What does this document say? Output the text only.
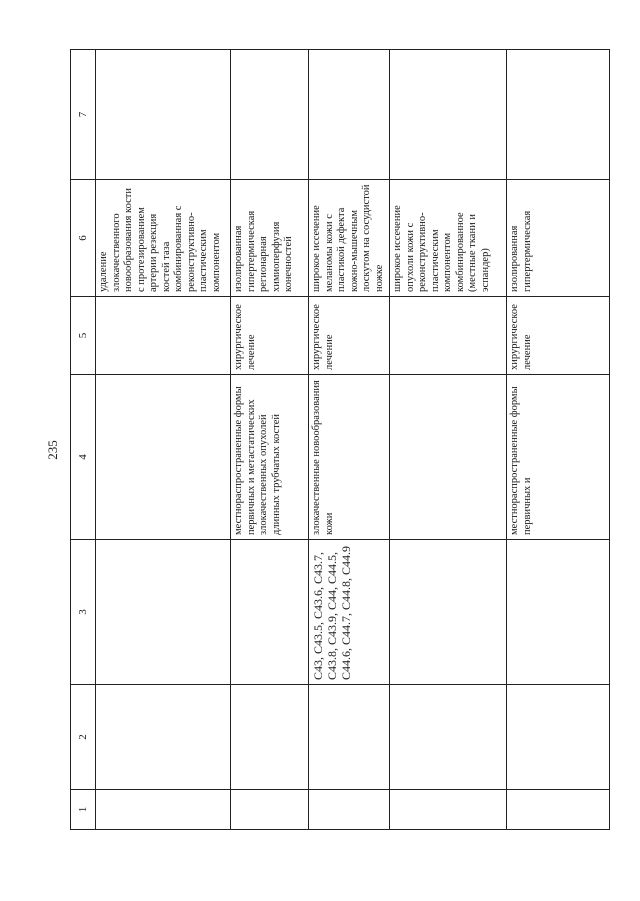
235
1	2	3	4	5	6	7
					удаление злокачественного новообразования кости с протезированием артерии резекция костей таза комбинированная с реконструктивно-пластическим компонентом	
			местнораспространенные формы первичных и метастатических злокачественных опухолей длинных трубчатых костей	хирургическое лечение	изолированная гипертермическая регионарная химиоперфузия конечностей	
		C43, C43.5, C43.6, C43.7, C43.8, C43.9, C44, C44.5, C44.6, C44.7, C44.8, C44.9	злокачественные новообразования кожи	хирургическое лечение	широкое иссечение меланомы кожи с пластикой дефекта кожно-мышечным лоскутом на сосудистой ножке	
					широкое иссечение опухоли кожи с реконструктивно-пластическим компонентом комбинированное (местные ткани и эспандер)	
			местнораспространенные формы первичных и	хирургическое лечение	изолированная гипертермическая	
